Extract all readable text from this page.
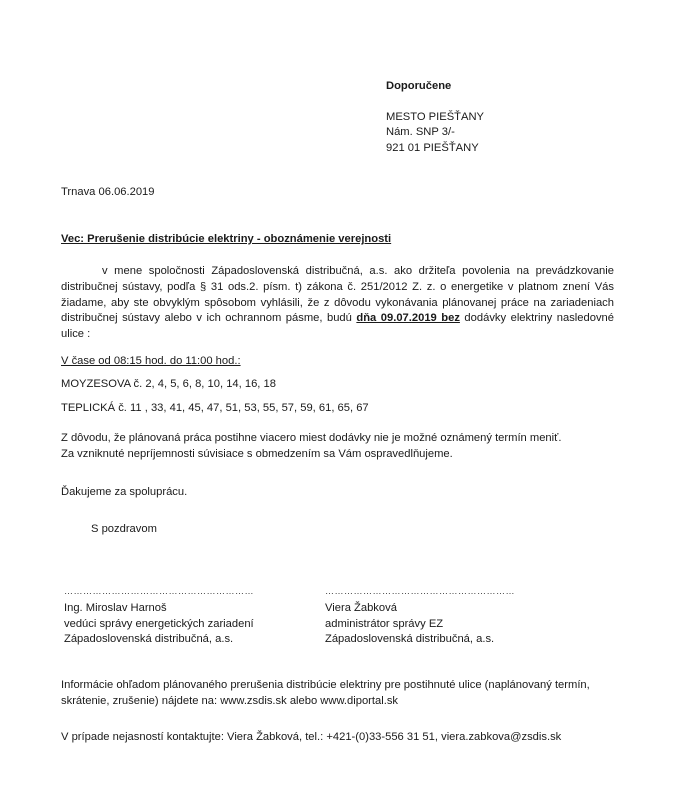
Doporučene
MESTO PIEŠŤANY
Nám. SNP 3/-
921 01 PIEŠŤANY
Trnava 06.06.2019
Vec: Prerušenie distribúcie elektriny - oboznámenie verejnosti
v mene spoločnosti Západoslovenská distribučná, a.s. ako držiteľa povolenia na prevádzkovanie distribučnej sústavy, podľa § 31 ods.2. písm. t) zákona č. 251/2012 Z. z. o energetike v platnom znení Vás žiadame, aby ste obvyklým spôsobom vyhlásili, že z dôvodu vykonávania plánovanej práce na zariadeniach distribučnej sústavy alebo v ich ochrannom pásme, budú dňa 09.07.2019 bez dodávky elektriny nasledovné ulice :
V čase od 08:15 hod. do 11:00 hod.:
MOYZESOVA č. 2, 4, 5, 6, 8, 10, 14, 16, 18
TEPLICKÁ č. 11 , 33, 41, 45, 47, 51, 53, 55, 57, 59, 61, 65, 67
Z dôvodu, že plánovaná práca postihne viacero miest dodávky nie je možné oznámený termín meniť.
Za vzniknuté nepríjemnosti súvisiace s obmedzením sa Vám ospravedlňujeme.
Ďakujeme za spoluprácu.
S pozdravom
……………………………………………………	……………………………………………………
Ing. Miroslav Harnoš
vedúci správy energetických zariadení
Západoslovenská distribučná, a.s.
Viera Žabková
administrátor správy EZ
Západoslovenská distribučná, a.s.
Informácie ohľadom plánovaného prerušenia distribúcie elektriny pre postihnuté ulice (naplánovaný termín,
skrátenie, zrušenie) nájdete na: www.zsdis.sk alebo www.diportal.sk
V prípade nejasností kontaktujte: Viera Žabková, tel.: +421-(0)33-556 31 51, viera.zabkova@zsdis.sk
